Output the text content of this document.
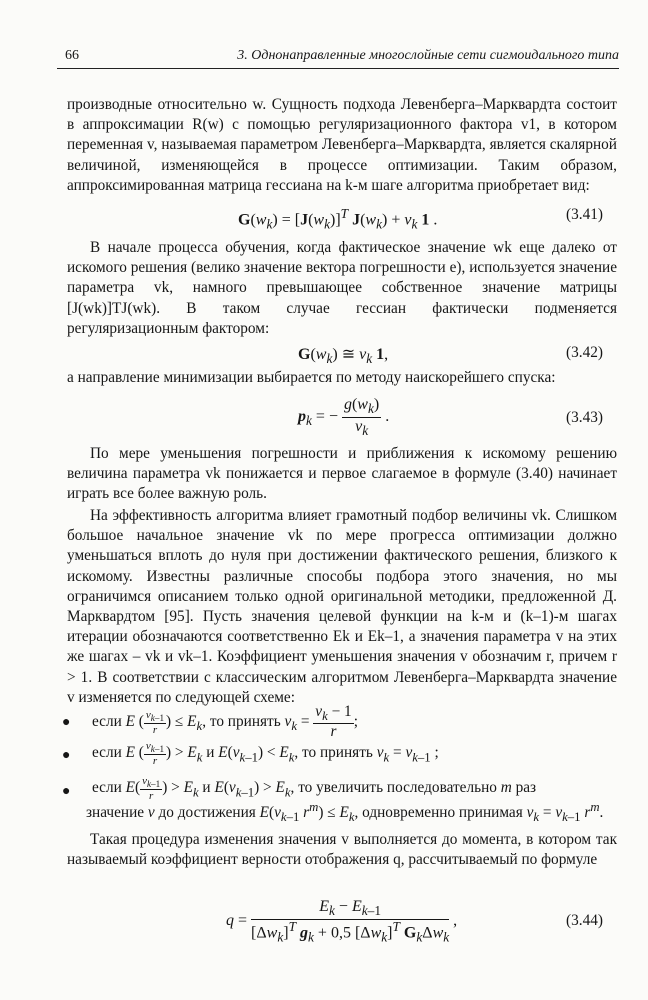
66	3. Однонаправленные многослойные сети сигмоидального типа

производные относительно w. Сущность подхода Левенберга–Марквардта состоит в аппроксимации R(w) с помощью регуляризационного фактора v1, в котором переменная v, называемая параметром Левенберга–Марквардта, является скалярной величиной, изменяющейся в процессе оптимизации. Таким образом, аппроксимированная матрица гессиана на k-м шаге алгоритма приобретает вид:

$G(w_k) = [J(w_k)]^T$ $J(w_k) + v_k$ 1 .	(3.41)

В начале процесса обучения, когда фактическое значение wk еще далеко от искомого решения (велико значение вектора погрешности e), используется значение параметра vk, намного превышающее собственное значение матрицы [J(wk)]TJ(wk). В таком случае гессиан фактически подменяется регуляризационным фактором:

$G(w_k)$ ≅ $v_k$ 1,	(3.42)

а направление минимизации выбирается по методу наискорейшего спуска:

$p_k$ = − $\frac{g(w_k)}{v_k}$ .	(3.43)

По мере уменьшения погрешности и приближения к искомому решению величина параметра vk понижается и первое слагаемое в формуле (3.40) начинает играть все более важную роль.

На эффективность алгоритма влияет грамотный подбор величины vk. Слишком большое начальное значение vk по мере прогресса оптимизации должно уменьшаться вплоть до нуля при достижении фактического решения, близкого к искомому. Известны различные способы подбора этого значения, но мы ограничимся описанием только одной оригинальной методики, предложенной Д. Марквардтом [95]. Пусть значения целевой функции на k-м и (k–1)-м шагах итерации обозначаются соответственно Ek и Ek–1, а значения параметра v на этих же шагах – vk и vk–1. Коэффициент уменьшения значения v обозначим r, причем r > 1. В соответствии с классическим алгоритмом Левенберга–Марквардта значение v изменяется по следующей схеме:

● если E ( $\frac{v_{k-1}}{r}$ ) ≤ $E_k$, то принять $v_k = \frac{v_k - 1}{r}$ ;
● если E ( $\frac{v_{k-1}}{r}$ ) > $E_k$ и $E(v_{k-1}) < E_k$, то принять $v_k = v_{k-1}$ ;
● если $E( \frac{v_{k-1}}{r}$ ) > $E_k$ и $E(v_{k-1}) > E_k$, то увеличить последовательно m раз
значение v до достижения $E(v_{k-1}$ $r^m) \le E_k$, одновременно принимая $v_k = v_{k-1}$ $r^m$.

Такая процедура изменения значения v выполняется до момента, в котором так называемый коэффициент верности отображения q, рассчитываемый по формуле

$q = \frac{E_k - E_{k-1}}{[\Delta w_k]^T g_k + 0,5 [\Delta w_k]^T G_k\Delta w_k}$ ,	(3.44)
